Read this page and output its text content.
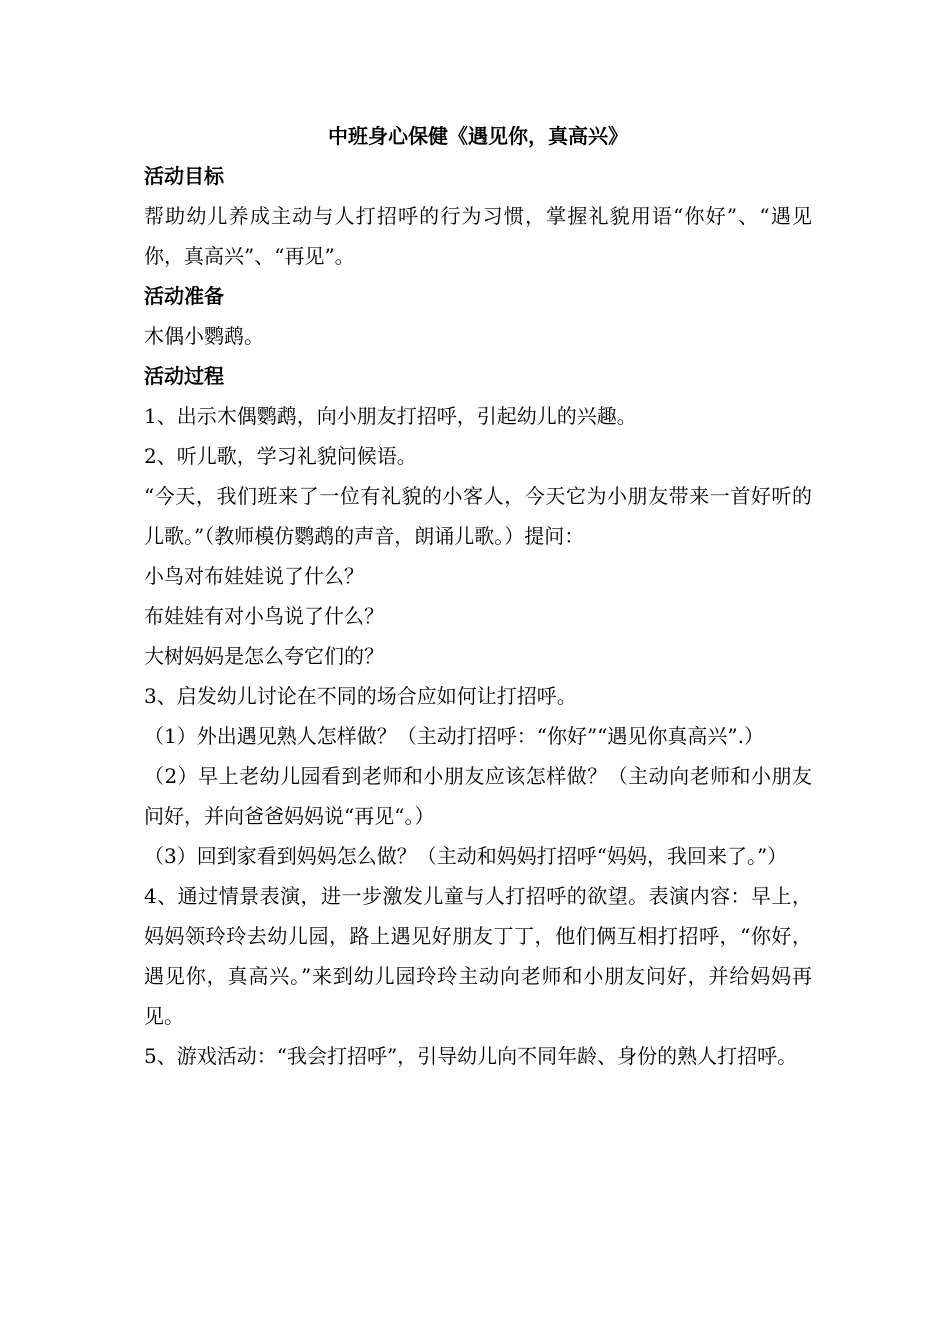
中班身心保健《遇见你，真高兴》

活动目标

帮助幼儿养成主动与人打招呼的行为习惯，掌握礼貌用语“你好”、“遇见你，真高兴”、“再见”。

活动准备

木偶小鹦鹉。

活动过程

1、出示木偶鹦鹉，向小朋友打招呼，引起幼儿的兴趣。

2、听儿歌，学习礼貌问候语。

“今天，我们班来了一位有礼貌的小客人，今天它为小朋友带来一首好听的儿歌。”（教师模仿鹦鹉的声音，朗诵儿歌。）提问：

小鸟对布娃娃说了什么？

布娃娃有对小鸟说了什么？

大树妈妈是怎么夸它们的？

3、启发幼儿讨论在不同的场合应如何让打招呼。

（1）外出遇见熟人怎样做？（主动打招呼：“你好”“遇见你真高兴”.）

（2）早上老幼儿园看到老师和小朋友应该怎样做？（主动向老师和小朋友问好，并向爸爸妈妈说“再见“。）

（3）回到家看到妈妈怎么做？（主动和妈妈打招呼“妈妈，我回来了。”）

4、通过情景表演，进一步激发儿童与人打招呼的欲望。表演内容：早上，妈妈领玲玲去幼儿园，路上遇见好朋友丁丁，他们俩互相打招呼，“你好，遇见你，真高兴。”来到幼儿园玲玲主动向老师和小朋友问好，并给妈妈再见。

5、游戏活动：“我会打招呼”，引导幼儿向不同年龄、身份的熟人打招呼。
